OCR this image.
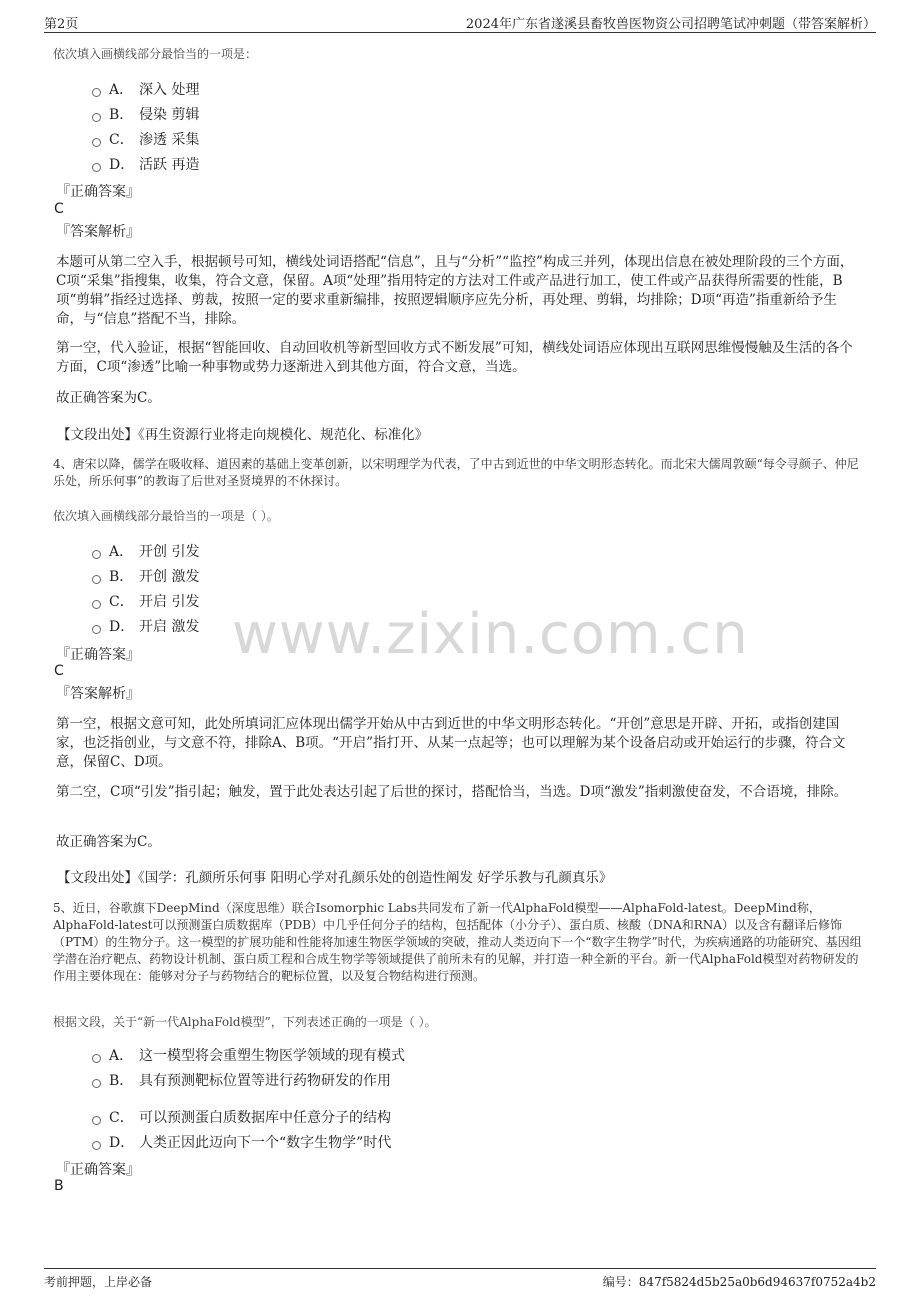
第2页	2024年广东省遂溪县畜牧兽医物资公司招聘笔试冲刺题（带答案解析）
www.zixin.com.cn
依次填入画横线部分最恰当的一项是：
A． 深入 处理
B． 侵染 剪辑
C． 渗透 采集
D． 活跃 再造
『正确答案』
C
『答案解析』
本题可从第二空入手，根据顿号可知，横线处词语搭配“信息”，且与“分析”“监控”构成三并列，体现出信息在被处理阶段的三个方面，C项“采集”指搜集，收集，符合文意，保留。A项“处理”指用特定的方法对工件或产品进行加工，使工件或产品获得所需要的性能，B项“剪辑”指经过选择、剪裁，按照一定的要求重新编排，按照逻辑顺序应先分析，再处理、剪辑，均排除；D项“再造”指重新给予生命，与“信息”搭配不当，排除。
第一空，代入验证，根据“智能回收、自动回收机等新型回收方式不断发展”可知，横线处词语应体现出互联网思维慢慢触及生活的各个方面，C项“渗透”比喻一种事物或势力逐渐进入到其他方面，符合文意，当选。
故正确答案为C。
【文段出处】《再生资源行业将走向规模化、规范化、标准化》
4、唐宋以降，儒学在吸收释、道因素的基础上变革创新，以宋明理学为代表，了中古到近世的中华文明形态转化。而北宋大儒周敦颐“每令寻颜子、仲尼乐处，所乐何事”的教诲了后世对圣贤境界的不休探讨。
依次填入画横线部分最恰当的一项是（ ）。
A． 开创 引发
B． 开创 激发
C． 开启 引发
D． 开启 激发
『正确答案』
C
『答案解析』
第一空，根据文意可知，此处所填词汇应体现出儒学开始从中古到近世的中华文明形态转化。“开创”意思是开辟、开拓，或指创建国家，也泛指创业，与文意不符，排除A、B项。“开启”指打开、从某一点起等；也可以理解为某个设备启动或开始运行的步骤，符合文意，保留C、D项。
第二空，C项“引发”指引起；触发，置于此处表达引起了后世的探讨，搭配恰当，当选。D项“激发”指刺激使奋发，不合语境，排除。
故正确答案为C。
【文段出处】《国学：孔颜所乐何事 阳明心学对孔颜乐处的创造性阐发 好学乐教与孔颜真乐》
5、近日，谷歌旗下DeepMind（深度思维）联合Isomorphic Labs共同发布了新一代AlphaFold模型——AlphaFold-latest。DeepMind称，AlphaFold-latest可以预测蛋白质数据库（PDB）中几乎任何分子的结构，包括配体（小分子）、蛋白质、核酸（DNA和RNA）以及含有翻译后修饰（PTM）的生物分子。这一模型的扩展功能和性能将加速生物医学领域的突破，推动人类迈向下一个“数字生物学”时代，为疾病通路的功能研究、基因组学潜在治疗靶点、药物设计机制、蛋白质工程和合成生物学等领域提供了前所未有的见解，并打造一种全新的平台。新一代AlphaFold模型对药物研发的作用主要体现在：能够对分子与药物结合的靶标位置，以及复合物结构进行预测。
根据文段，关于“新一代AlphaFold模型”，下列表述正确的一项是（ ）。
A． 这一模型将会重塑生物医学领域的现有模式
B． 具有预测靶标位置等进行药物研发的作用
C． 可以预测蛋白质数据库中任意分子的结构
D． 人类正因此迈向下一个“数字生物学”时代
『正确答案』
B
考前押题，上岸必备	编号：847f5824d5b25a0b6d94637f0752a4b2
